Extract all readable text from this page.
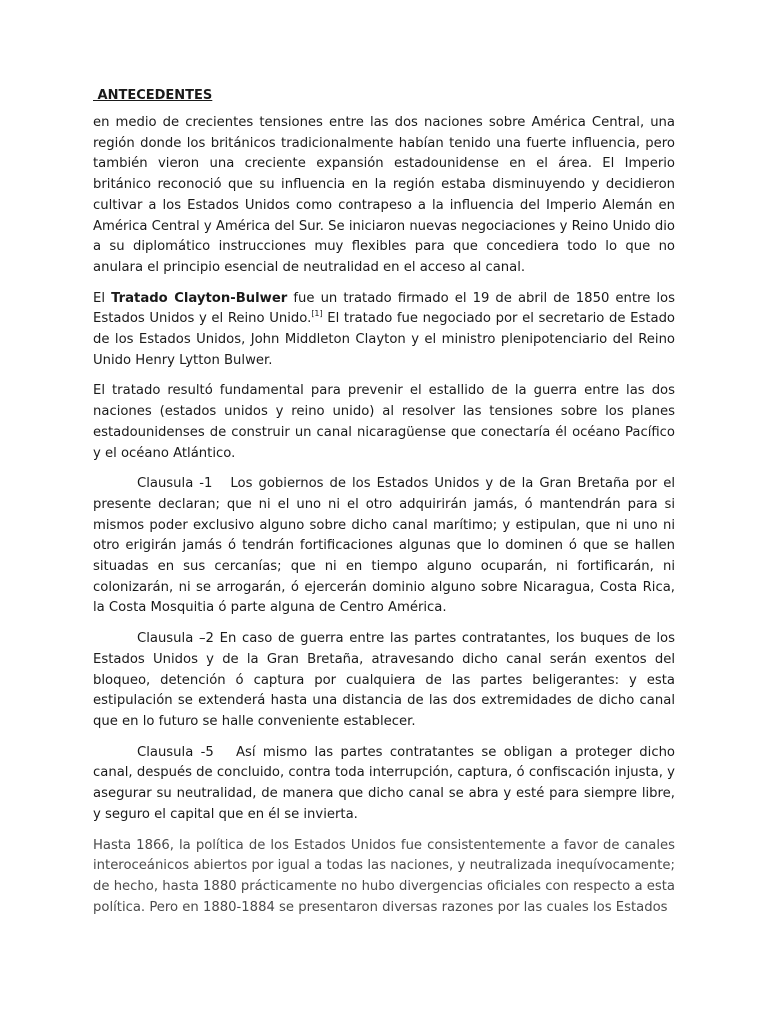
ANTECEDENTES

en medio de crecientes tensiones entre las dos naciones sobre América Central, una región donde los británicos tradicionalmente habían tenido una fuerte influencia, pero también vieron una creciente expansión estadounidense en el área. El Imperio británico reconoció que su influencia en la región estaba disminuyendo y decidieron cultivar a los Estados Unidos como contrapeso a la influencia del Imperio Alemán en América Central y América del Sur. Se iniciaron nuevas negociaciones y Reino Unido dio a su diplomático instrucciones muy flexibles para que concediera todo lo que no anulara el principio esencial de neutralidad en el acceso al canal.

El Tratado Clayton-Bulwer fue un tratado firmado el 19 de abril de 1850 entre los Estados Unidos y el Reino Unido.[1] El tratado fue negociado por el secretario de Estado de los Estados Unidos, John Middleton Clayton y el ministro plenipotenciario del Reino Unido Henry Lytton Bulwer.

El tratado resultó fundamental para prevenir el estallido de la guerra entre las dos naciones (estados unidos y reino unido) al resolver las tensiones sobre los planes estadounidenses de construir un canal nicaragüense que conectaría él océano Pacífico y el océano Atlántico.

Clausula -1 Los gobiernos de los Estados Unidos y de la Gran Bretaña por el presente declaran; que ni el uno ni el otro adquirirán jamás, ó mantendrán para si mismos poder exclusivo alguno sobre dicho canal marítimo; y estipulan, que ni uno ni otro erigirán jamás ó tendrán fortificaciones algunas que lo dominen ó que se hallen situadas en sus cercanías; que ni en tiempo alguno ocuparán, ni fortificarán, ni colonizarán, ni se arrogarán, ó ejercerán dominio alguno sobre Nicaragua, Costa Rica, la Costa Mosquitia ó parte alguna de Centro América.

Clausula –2 En caso de guerra entre las partes contratantes, los buques de los Estados Unidos y de la Gran Bretaña, atravesando dicho canal serán exentos del bloqueo, detención ó captura por cualquiera de las partes beligerantes: y esta estipulación se extenderá hasta una distancia de las dos extremidades de dicho canal que en lo futuro se halle conveniente establecer.

Clausula -5 Así mismo las partes contratantes se obligan a proteger dicho canal, después de concluido, contra toda interrupción, captura, ó confiscación injusta, y asegurar su neutralidad, de manera que dicho canal se abra y esté para siempre libre, y seguro el capital que en él se invierta.

Hasta 1866, la política de los Estados Unidos fue consistentemente a favor de canales interoceánicos abiertos por igual a todas las naciones, y neutralizada inequívocamente; de hecho, hasta 1880 prácticamente no hubo divergencias oficiales con respecto a esta política. Pero en 1880-1884 se presentaron diversas razones por las cuales los Estados
